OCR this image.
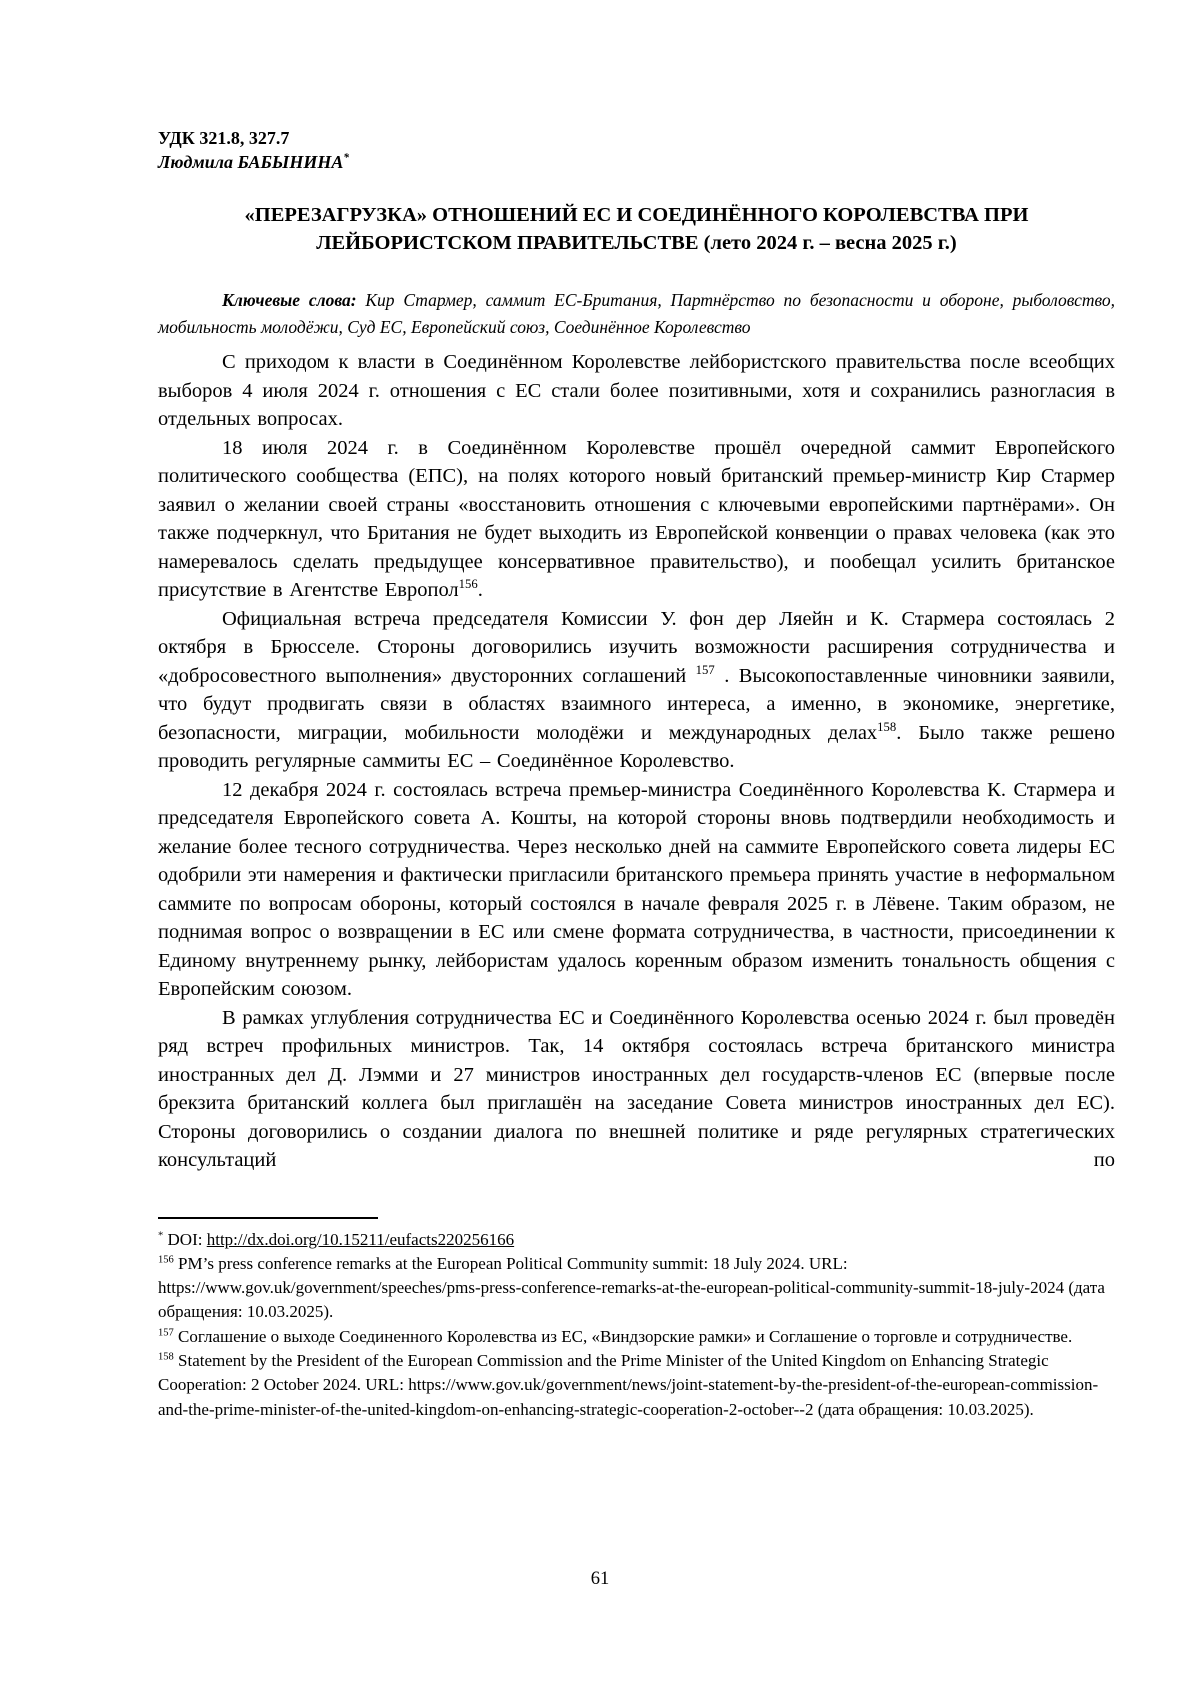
УДК 321.8, 327.7

Людмила БАБЫНИНА*

«ПЕРЕЗАГРУЗКА» ОТНОШЕНИЙ ЕС И СОЕДИНЁННОГО КОРОЛЕВСТВА ПРИ
ЛЕЙБОРИСТСКОМ ПРАВИТЕЛЬСТВЕ (лето 2024 г. – весна 2025 г.)

Ключевые слова: Кир Стармер, саммит ЕС-Британия, Партнёрство по безопасности и обороне, рыболовство, мобильность молодёжи, Суд ЕС, Европейский союз, Соединённое Королевство

С приходом к власти в Соединённом Королевстве лейбористского правительства после всеобщих выборов 4 июля 2024 г. отношения с ЕС стали более позитивными, хотя и сохранились разногласия в отдельных вопросах.

18 июля 2024 г. в Соединённом Королевстве прошёл очередной саммит Европейского политического сообщества (ЕПС), на полях которого новый британский премьер-министр Кир Стармер заявил о желании своей страны «восстановить отношения с ключевыми европейскими партнёрами». Он также подчеркнул, что Британия не будет выходить из Европейской конвенции о правах человека (как это намеревалось сделать предыдущее консервативное правительство), и пообещал усилить британское присутствие в Агентстве Европол$^{156}$.

Официальная встреча председателя Комиссии У. фон дер Ляейн и К. Стармера состоялась 2 октября в Брюсселе. Стороны договорились изучить возможности расширения сотрудничества и «добросовестного выполнения» двусторонних соглашений $^{157}$ . Высокопоставленные чиновники заявили, что будут продвигать связи в областях взаимного интереса, а именно, в экономике, энергетике, безопасности, миграции, мобильности молодёжи и международных делах$^{158}$. Было также решено проводить регулярные саммиты ЕС – Соединённое Королевство.

12 декабря 2024 г. состоялась встреча премьер-министра Соединённого Королевства К. Стармера и председателя Европейского совета А. Кошты, на которой стороны вновь подтвердили необходимость и желание более тесного сотрудничества. Через несколько дней на саммите Европейского совета лидеры ЕС одобрили эти намерения и фактически пригласили британского премьера принять участие в неформальном саммите по вопросам обороны, который состоялся в начале февраля 2025 г. в Лёвене. Таким образом, не поднимая вопрос о возвращении в ЕС или смене формата сотрудничества, в частности, присоединении к Единому внутреннему рынку, лейбористам удалось коренным образом изменить тональность общения с Европейским союзом.

В рамках углубления сотрудничества ЕС и Соединённого Королевства осенью 2024 г. был проведён ряд встреч профильных министров. Так, 14 октября состоялась встреча британского министра иностранных дел Д. Лэмми и 27 министров иностранных дел государств-членов ЕС (впервые после брекзита британский коллега был приглашён на заседание Совета министров иностранных дел ЕС). Стороны договорились о создании диалога по внешней политике и ряде регулярных стратегических консультаций по

* DOI: http://dx.doi.org/10.15211/eufacts220256166

$^{156}$ PM’s press conference remarks at the European Political Community summit: 18 July 2024. URL: https://www.gov.uk/government/speeches/pms-press-conference-remarks-at-the-european-political-community-summit-18-july-2024 (дата обращения: 10.03.2025).

$^{157}$ Соглашение о выходе Соединенного Королевства из ЕС, «Виндзорские рамки» и Соглашение о торговле и сотрудничестве.

$^{158}$ Statement by the President of the European Commission and the Prime Minister of the United Kingdom on Enhancing Strategic Cooperation: 2 October 2024. URL: https://www.gov.uk/government/news/joint-statement-by-the-president-of-the-european-commission-and-the-prime-minister-of-the-united-kingdom-on-enhancing-strategic-cooperation-2-october--2 (дата обращения: 10.03.2025).

61
